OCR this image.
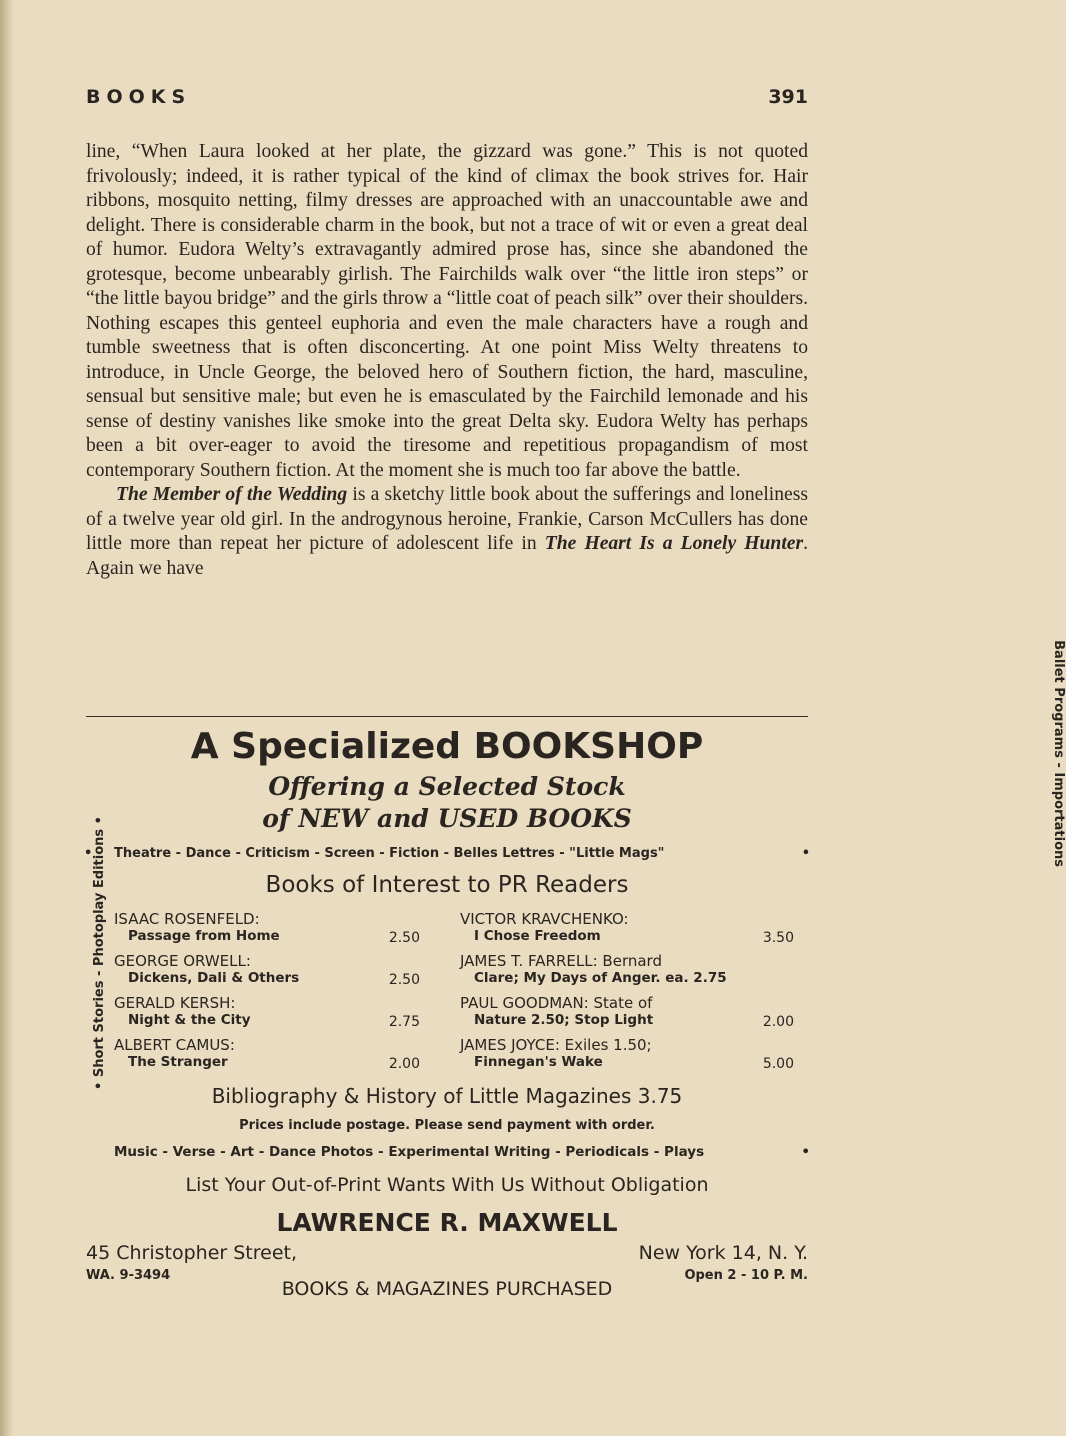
BOOKS	391

line, “When Laura looked at her plate, the gizzard was gone.” This is not quoted frivolously; indeed, it is rather typical of the kind of climax the book strives for. Hair ribbons, mosquito netting, filmy dresses are approached with an unaccountable awe and delight. There is considerable charm in the book, but not a trace of wit or even a great deal of humor. Eudora Welty’s extravagantly admired prose has, since she abandoned the grotesque, become unbearably girlish. The Fairchilds walk over “the little iron steps” or “the little bayou bridge” and the girls throw a “little coat of peach silk” over their shoulders. Nothing escapes this genteel euphoria and even the male characters have a rough and tumble sweetness that is often disconcerting. At one point Miss Welty threatens to introduce, in Uncle George, the beloved hero of Southern fiction, the hard, masculine, sensual but sensitive male; but even he is emasculated by the Fairchild lemonade and his sense of destiny vanishes like smoke into the great Delta sky. Eudora Welty has perhaps been a bit over-eager to avoid the tiresome and repetitious propagandism of most contemporary Southern fiction. At the moment she is much too far above the battle.

The Member of the Wedding is a sketchy little book about the sufferings and loneliness of a twelve year old girl. In the androgynous heroine, Frankie, Carson McCullers has done little more than repeat her picture of adolescent life in The Heart Is a Lonely Hunter. Again we have

A Specialized BOOKSHOP
Offering a Selected Stock
of NEW and USED BOOKS
• Theatre - Dance - Criticism - Screen - Fiction - Belles Lettres - "Little Mags"	•
• Short Stories - Photoplay Editions •
Ballet Programs - Importations
Books of Interest to PR Readers
ISAAC ROSENFELD:
Passage from Home	2.50
GEORGE ORWELL:
Dickens, Dali & Others	2.50
GERALD KERSH:
Night & the City	2.75
ALBERT CAMUS:
The Stranger	2.00
VICTOR KRAVCHENKO:
I Chose Freedom	3.50
JAMES T. FARRELL: Bernard
Clare; My Days of Anger. ea. 2.75
PAUL GOODMAN: State of
Nature 2.50; Stop Light	2.00
JAMES JOYCE: Exiles 1.50;
Finnegan's Wake	5.00
Bibliography & History of Little Magazines 3.75
Prices include postage. Please send payment with order.
Music - Verse - Art - Dance Photos - Experimental Writing - Periodicals - Plays	•
List Your Out-of-Print Wants With Us Without Obligation
LAWRENCE R. MAXWELL
45 Christopher Street,	New York 14, N. Y.
WA. 9-3494	Open 2 - 10 P. M.
BOOKS & MAGAZINES PURCHASED
